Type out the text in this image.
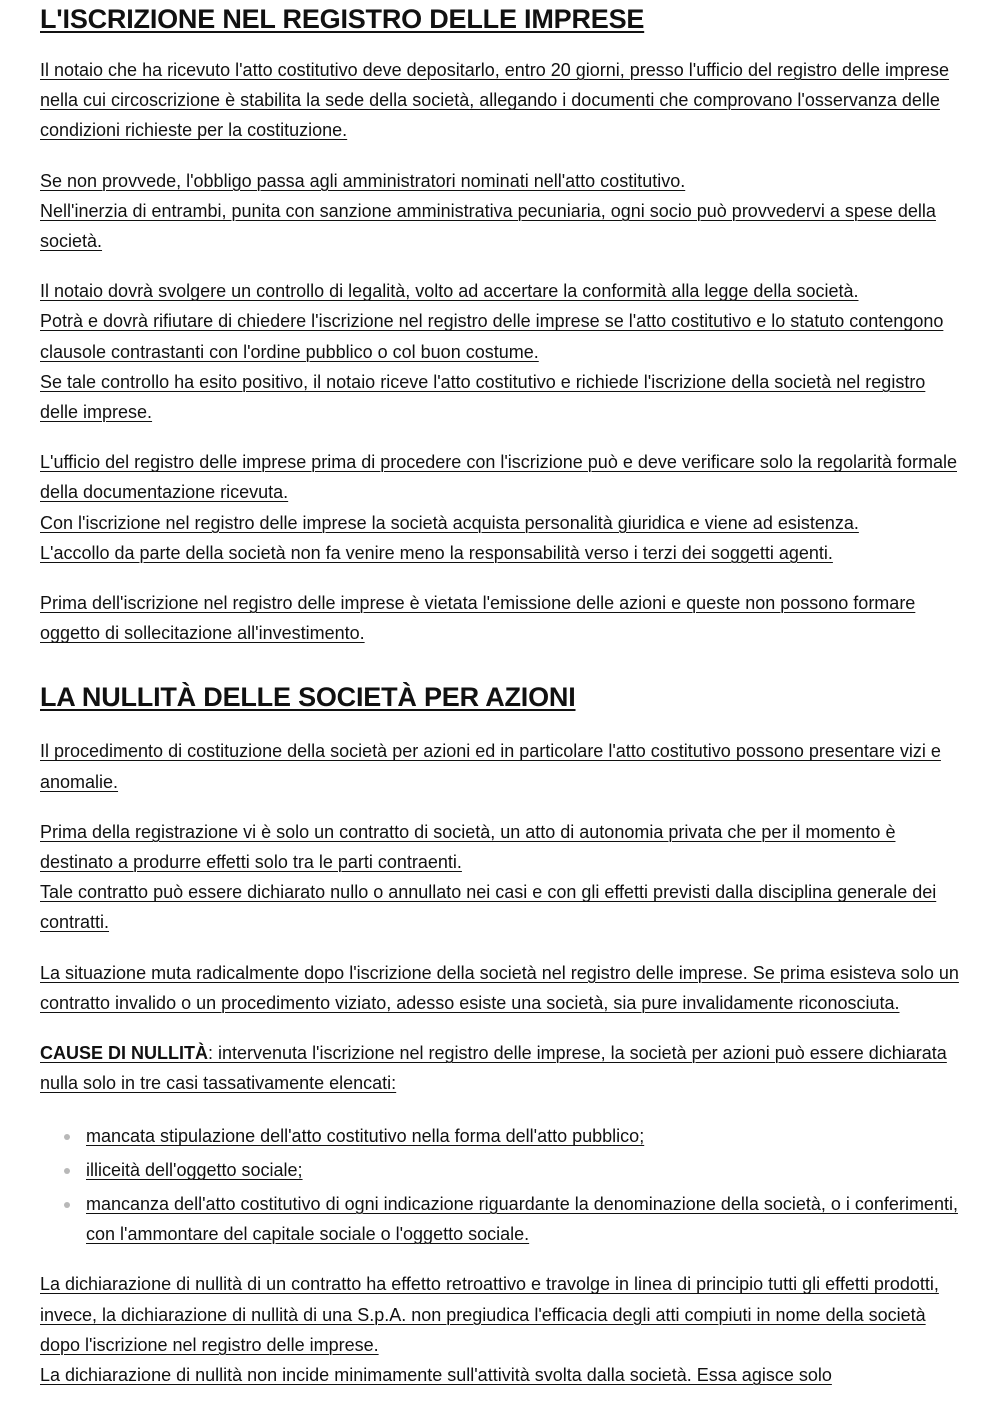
L'ISCRIZIONE NEL REGISTRO DELLE IMPRESE

Il notaio che ha ricevuto l'atto costitutivo deve depositarlo, entro 20 giorni, presso l'ufficio del registro delle imprese nella cui circoscrizione è stabilita la sede della società, allegando i documenti che comprovano l'osservanza delle condizioni richieste per la costituzione.

Se non provvede, l'obbligo passa agli amministratori nominati nell'atto costitutivo.

Nell'inerzia di entrambi, punita con sanzione amministrativa pecuniaria, ogni socio può provvedervi a spese della società.

Il notaio dovrà svolgere un controllo di legalità, volto ad accertare la conformità alla legge della società.

Potrà e dovrà rifiutare di chiedere l'iscrizione nel registro delle imprese se l'atto costitutivo e lo statuto contengono clausole contrastanti con l'ordine pubblico o col buon costume.

Se tale controllo ha esito positivo, il notaio riceve l'atto costitutivo e richiede l'iscrizione della società nel registro delle imprese.

L'ufficio del registro delle imprese prima di procedere con l'iscrizione può e deve verificare solo la regolarità formale della documentazione ricevuta.

Con l'iscrizione nel registro delle imprese la società acquista personalità giuridica e viene ad esistenza.

L'accollo da parte della società non fa venire meno la responsabilità verso i terzi dei soggetti agenti.

Prima dell'iscrizione nel registro delle imprese è vietata l'emissione delle azioni e queste non possono formare oggetto di sollecitazione all'investimento.

LA NULLITÀ DELLE SOCIETÀ PER AZIONI

Il procedimento di costituzione della società per azioni ed in particolare l'atto costitutivo possono presentare vizi e anomalie.

Prima della registrazione vi è solo un contratto di società, un atto di autonomia privata che per il momento è destinato a produrre effetti solo tra le parti contraenti.

Tale contratto può essere dichiarato nullo o annullato nei casi e con gli effetti previsti dalla disciplina generale dei contratti.

La situazione muta radicalmente dopo l'iscrizione della società nel registro delle imprese. Se prima esisteva solo un contratto invalido o un procedimento viziato, adesso esiste una società, sia pure invalidamente riconosciuta.

CAUSE DI NULLITÀ: intervenuta l'iscrizione nel registro delle imprese, la società per azioni può essere dichiarata nulla solo in tre casi tassativamente elencati:

mancata stipulazione dell'atto costitutivo nella forma dell'atto pubblico;
illiceità dell'oggetto sociale;
mancanza dell'atto costitutivo di ogni indicazione riguardante la denominazione della società, o i conferimenti, con l'ammontare del capitale sociale o l'oggetto sociale.

La dichiarazione di nullità di un contratto ha effetto retroattivo e travolge in linea di principio tutti gli effetti prodotti, invece, la dichiarazione di nullità di una S.p.A. non pregiudica l'efficacia degli atti compiuti in nome della società dopo l'iscrizione nel registro delle imprese.

La dichiarazione di nullità non incide minimamente sull'attività svolta dalla società. Essa agisce solo
